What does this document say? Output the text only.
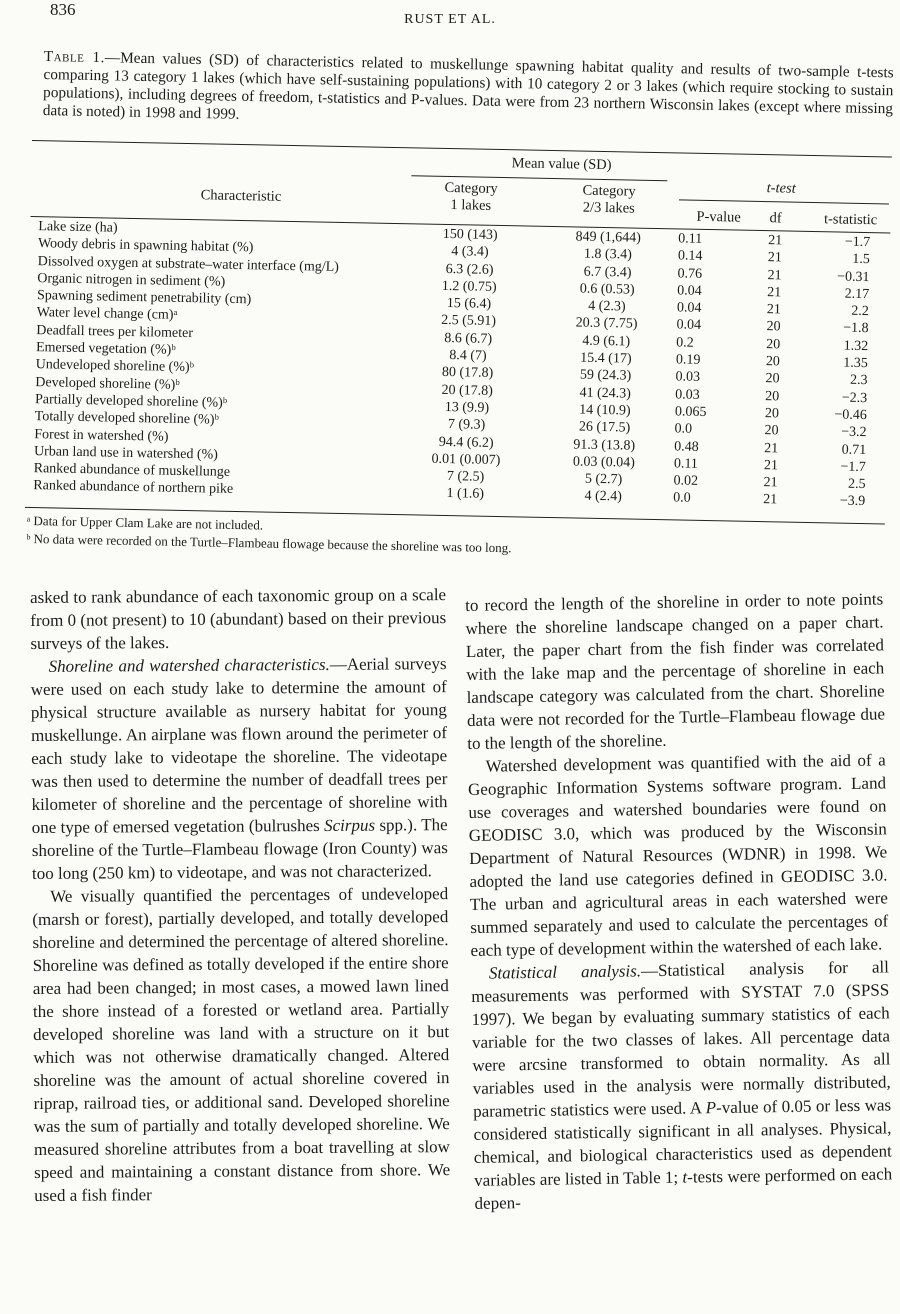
836
RUST ET AL.
Table 1.—Mean values (SD) of characteristics related to muskellunge spawning habitat quality and results of two-sample t-tests comparing 13 category 1 lakes (which have self-sustaining populations) with 10 category 2 or 3 lakes (which require stocking to sustain populations), including degrees of freedom, t-statistics and P-values. Data were from 23 northern Wisconsin lakes (except where missing data is noted) in 1998 and 1999.
Mean value (SD)
t-test
Characteristic	Category
1 lakes
Category
2/3 lakes
P-value	df	t-statistic
Lake size (ha)	150 (143)	849 (1,644)	0.11	21	−1.7
Woody debris in spawning habitat (%)	4 (3.4)	1.8 (3.4)	0.14	21	1.5
Dissolved oxygen at substrate–water interface (mg/L)	6.3 (2.6)	6.7 (3.4)	0.76	21	−0.31
Organic nitrogen in sediment (%)	1.2 (0.75)	0.6 (0.53)	0.04	21	2.17
Spawning sediment penetrability (cm)	15 (6.4)	4 (2.3)	0.04	21	2.2
Water level change (cm)ᵃ	2.5 (5.91)	20.3 (7.75)	0.04	20	−1.8
Deadfall trees per kilometer	8.6 (6.7)	4.9 (6.1)	0.2	20	1.32
Emersed vegetation (%)ᵇ	8.4 (7)	15.4 (17)	0.19	20	1.35
Undeveloped shoreline (%)ᵇ	80 (17.8)	59 (24.3)	0.03	20	2.3
Developed shoreline (%)ᵇ	20 (17.8)	41 (24.3)	0.03	20	−2.3
Partially developed shoreline (%)ᵇ	13 (9.9)	14 (10.9)	0.065	20	−0.46
Totally developed shoreline (%)ᵇ	7 (9.3)	26 (17.5)	0.0	20	−3.2
Forest in watershed (%)	94.4 (6.2)	91.3 (13.8)	0.48	21	0.71
Urban land use in watershed (%)	0.01 (0.007)	0.03 (0.04)	0.11	21	−1.7
Ranked abundance of muskellunge	7 (2.5)	5 (2.7)	0.02	21	2.5
Ranked abundance of northern pike	1 (1.6)	4 (2.4)	0.0	21	−3.9

ᵃ Data for Upper Clam Lake are not included.

ᵇ No data were recorded on the Turtle–Flambeau flowage because the shoreline was too long.

asked to rank abundance of each taxonomic group on a scale from 0 (not present) to 10 (abundant) based on their previous surveys of the lakes.

Shoreline and watershed characteristics.—Aerial surveys were used on each study lake to determine the amount of physical structure available as nursery habitat for young muskellunge. An airplane was flown around the perimeter of each study lake to videotape the shoreline. The videotape was then used to determine the number of deadfall trees per kilometer of shoreline and the percentage of shoreline with one type of emersed vegetation (bulrushes Scirpus spp.). The shoreline of the Turtle–Flambeau flowage (Iron County) was too long (250 km) to videotape, and was not characterized.

We visually quantified the percentages of undeveloped (marsh or forest), partially developed, and totally developed shoreline and determined the percentage of altered shoreline. Shoreline was defined as totally developed if the entire shore area had been changed; in most cases, a mowed lawn lined the shore instead of a forested or wetland area. Partially developed shoreline was land with a structure on it but which was not otherwise dramatically changed. Altered shoreline was the amount of actual shoreline covered in riprap, railroad ties, or additional sand. Developed shoreline was the sum of partially and totally developed shoreline. We measured shoreline attributes from a boat travelling at slow speed and maintaining a constant distance from shore. We used a fish finder

to record the length of the shoreline in order to note points where the shoreline landscape changed on a paper chart. Later, the paper chart from the fish finder was correlated with the lake map and the percentage of shoreline in each landscape category was calculated from the chart. Shoreline data were not recorded for the Turtle–Flambeau flowage due to the length of the shoreline.

Watershed development was quantified with the aid of a Geographic Information Systems software program. Land use coverages and watershed boundaries were found on GEODISC 3.0, which was produced by the Wisconsin Department of Natural Resources (WDNR) in 1998. We adopted the land use categories defined in GEODISC 3.0. The urban and agricultural areas in each watershed were summed separately and used to calculate the percentages of each type of development within the watershed of each lake.

Statistical analysis.—Statistical analysis for all measurements was performed with SYSTAT 7.0 (SPSS 1997). We began by evaluating summary statistics of each variable for the two classes of lakes. All percentage data were arcsine transformed to obtain normality. As all variables used in the analysis were normally distributed, parametric statistics were used. A P-value of 0.05 or less was considered statistically significant in all analyses. Physical, chemical, and biological characteristics used as dependent variables are listed in Table 1; t-tests were performed on each depen-
